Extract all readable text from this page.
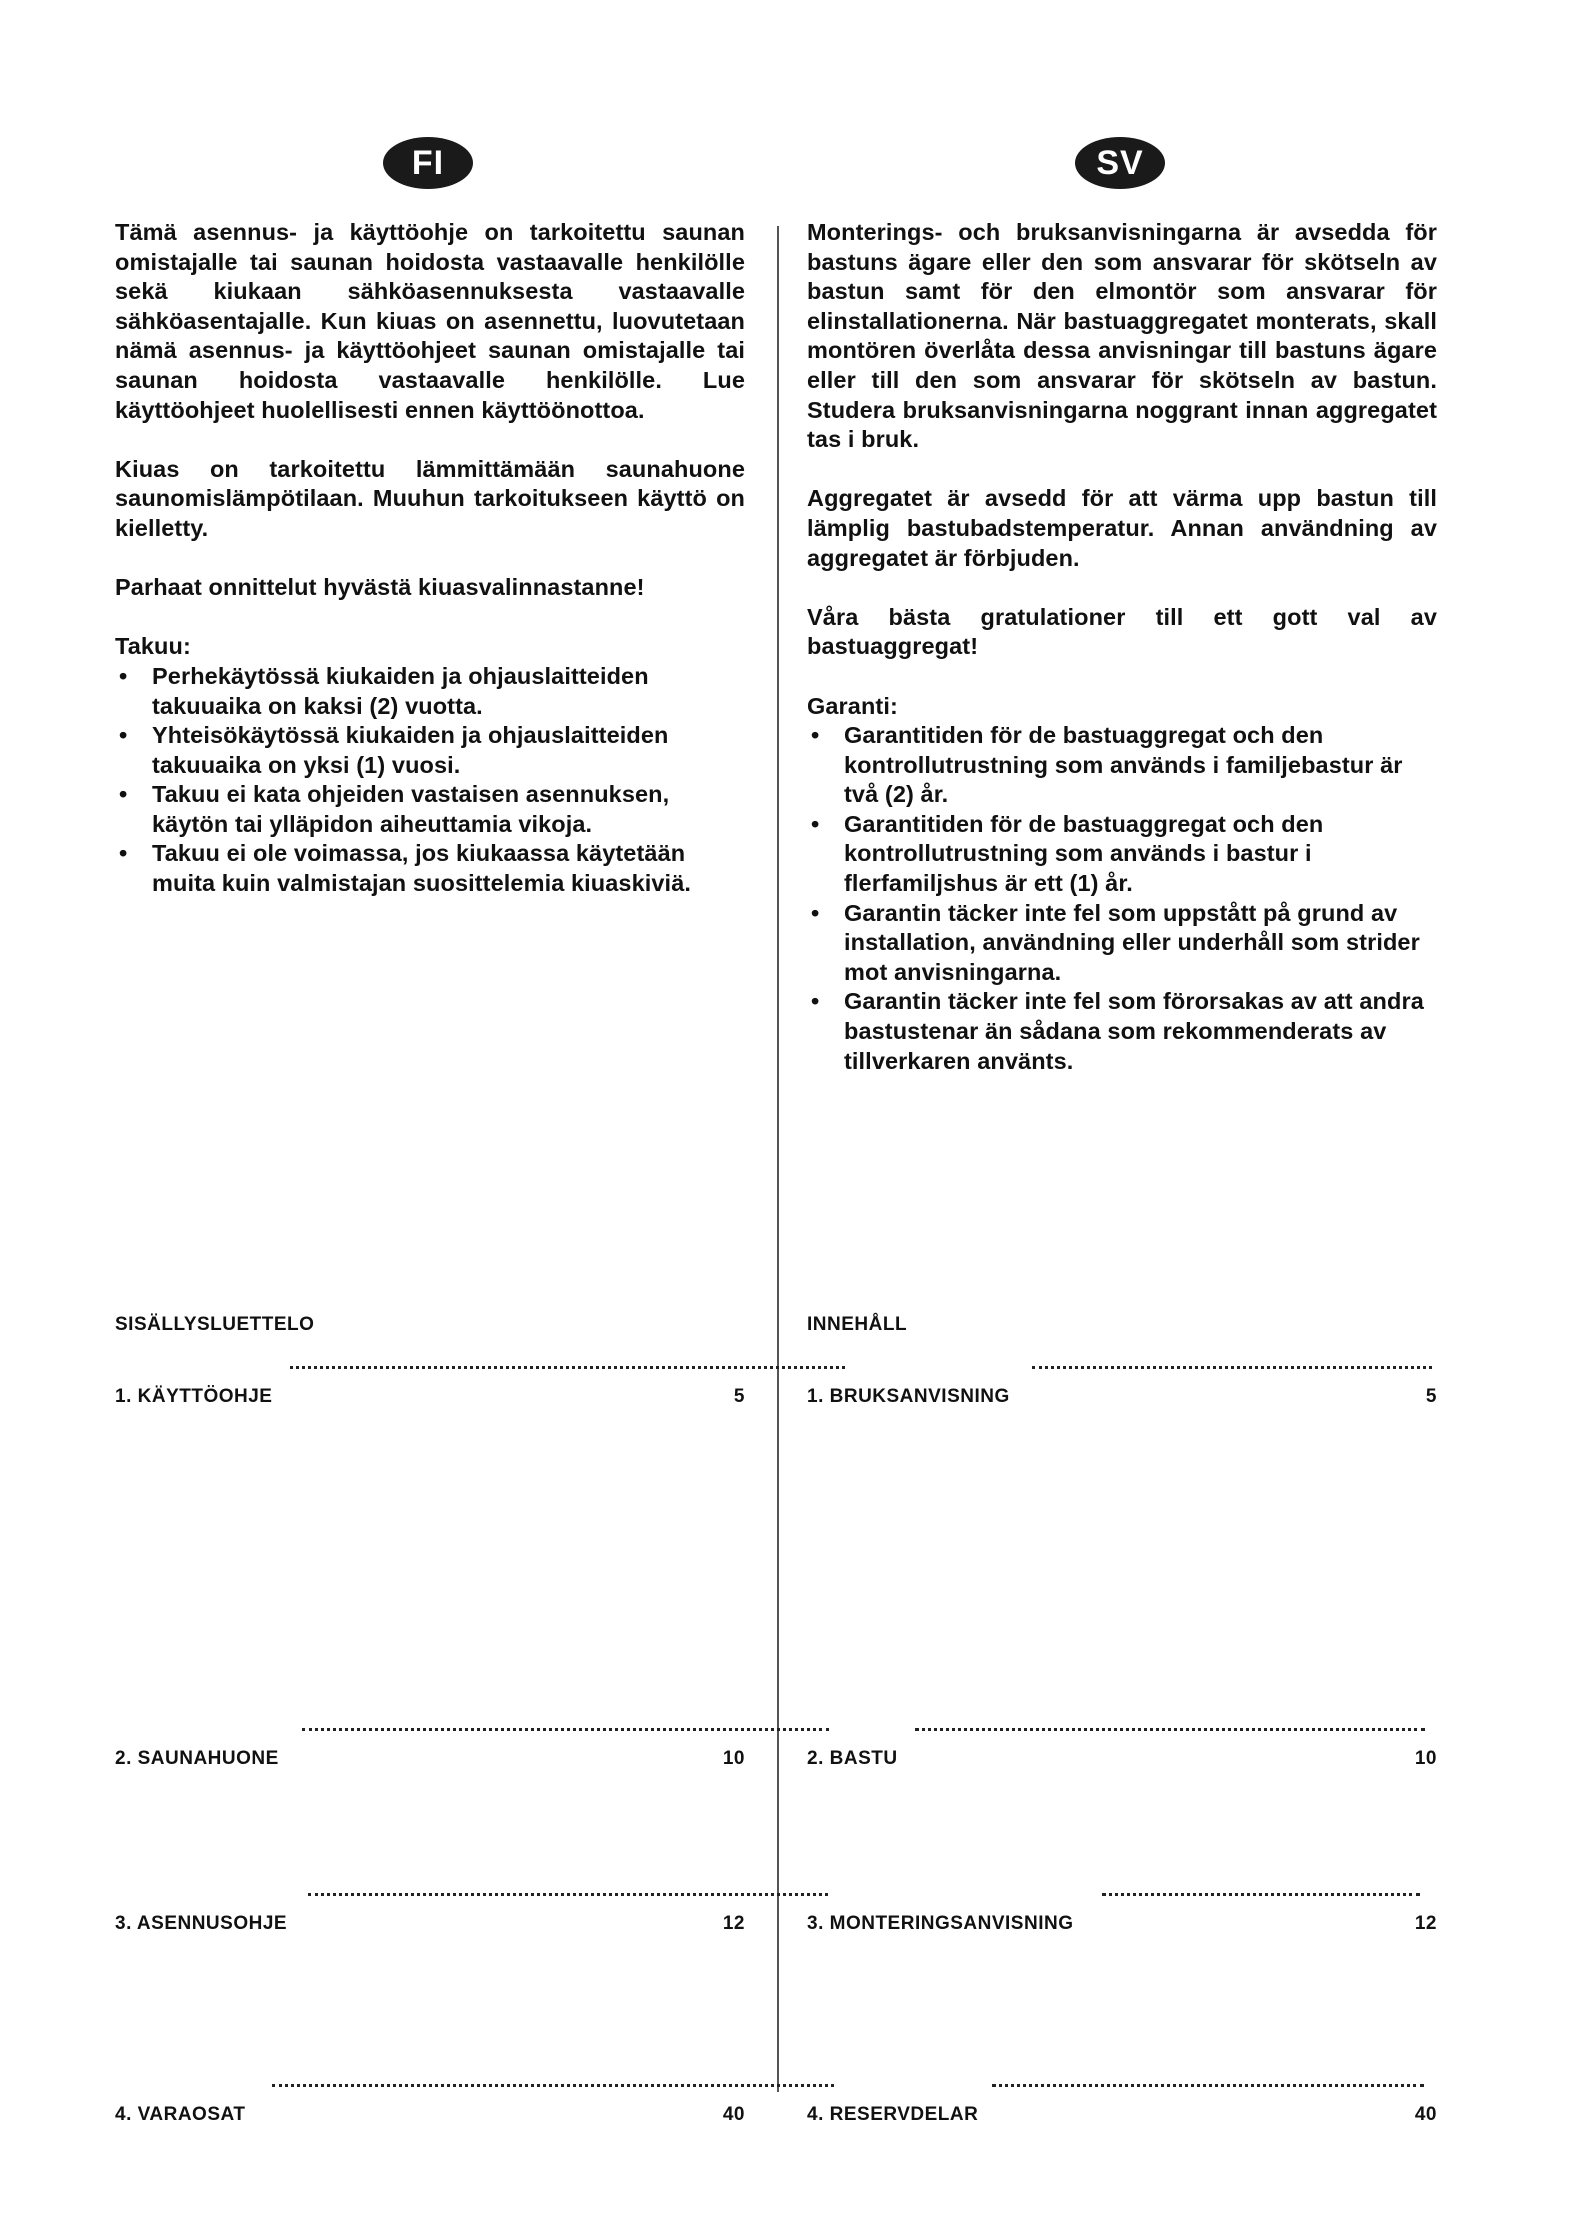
FI	SV

Tämä asennus- ja käyttöohje on tarkoitettu saunan omistajalle tai saunan hoidosta vastaavalle henkilölle sekä kiukaan sähköasennuksesta vastaavalle sähköasentajalle. Kun kiuas on asennettu, luovutetaan nämä asennus- ja käyttöohjeet saunan omistajalle tai saunan hoidosta vastaavalle henkilölle. Lue käyttöohjeet huolellisesti ennen käyttöönottoa.

Kiuas on tarkoitettu lämmittämään saunahuone saunomislämpötilaan. Muuhun tarkoitukseen käyttö on kielletty.

Parhaat onnittelut hyvästä kiuasvalinnastanne!

Takuu:
• Perhekäytössä kiukaiden ja ohjauslaitteiden takuuaika on kaksi (2) vuotta.
• Yhteisökäytössä kiukaiden ja ohjauslaitteiden takuuaika on yksi (1) vuosi.
• Takuu ei kata ohjeiden vastaisen asennuksen, käytön tai ylläpidon aiheuttamia vikoja.
• Takuu ei ole voimassa, jos kiukaassa käytetään muita kuin valmistajan suosittelemia kiuaskiviä.

Monterings- och bruksanvisningarna är avsedda för bastuns ägare eller den som ansvarar för skötseln av bastun samt för den elmontör som ansvarar för elinstallationerna. När bastuaggregatet monterats, skall montören överlåta dessa anvisningar till bastuns ägare eller till den som ansvarar för skötseln av bastun. Studera bruksanvisningarna noggrant innan aggregatet tas i bruk.

Aggregatet är avsedd för att värma upp bastun till lämplig bastubadstemperatur. Annan användning av aggregatet är förbjuden.

Våra bästa gratulationer till ett gott val av bastuaggregat!

Garanti:
• Garantitiden för de bastuaggregat och den kontrollutrustning som används i familjebastur är två (2) år.
• Garantitiden för de bastuaggregat och den kontrollutrustning som används i bastur i flerfamiljshus är ett (1) år.
• Garantin täcker inte fel som uppstått på grund av installation, användning eller underhåll som strider mot anvisningarna.
• Garantin täcker inte fel som förorsakas av att andra bastustenar än sådana som rekommenderats av tillverkaren använts.
SISÄLLYSLUETTELO	INNEHÅLL
1. KÄYTTÖOHJE	5
2. SAUNAHUONE	10
3. ASENNUSOHJE	12
4. VARAOSAT	40
1. BRUKSANVISNING	5
2. BASTU	10
3. MONTERINGSANVISNING	12
4. RESERVDELAR	40
